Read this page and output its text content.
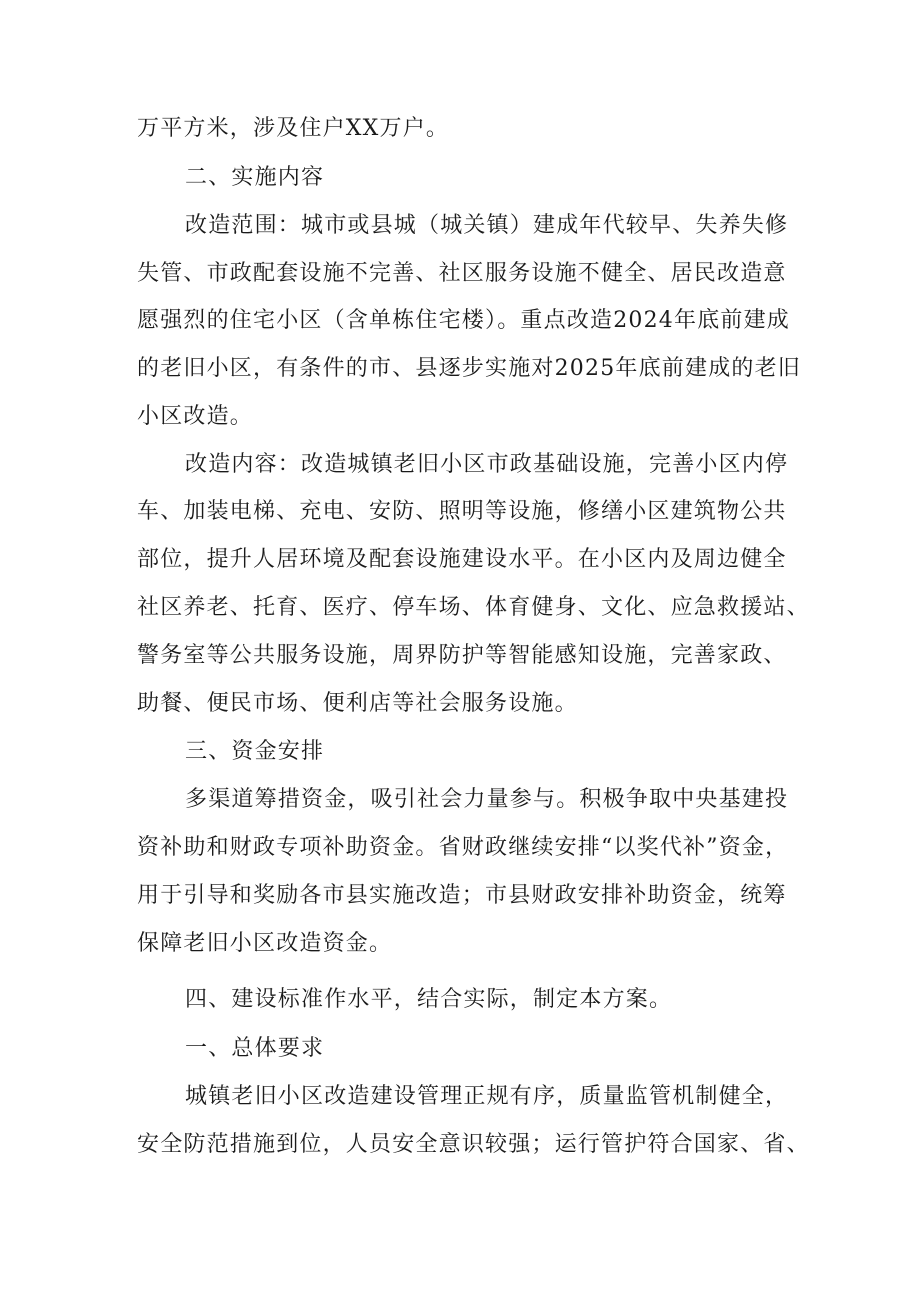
万平方米，涉及住户XX万户。
二、实施内容
改造范围：城市或县城（城关镇）建成年代较早、失养失修
失管、市政配套设施不完善、社区服务设施不健全、居民改造意
愿强烈的住宅小区（含单栋住宅楼）。重点改造2024年底前建成
的老旧小区，有条件的市、县逐步实施对2025年底前建成的老旧
小区改造。
改造内容：改造城镇老旧小区市政基础设施，完善小区内停
车、加装电梯、充电、安防、照明等设施，修缮小区建筑物公共
部位，提升人居环境及配套设施建设水平。在小区内及周边健全
社区养老、托育、医疗、停车场、体育健身、文化、应急救援站、
警务室等公共服务设施，周界防护等智能感知设施，完善家政、
助餐、便民市场、便利店等社会服务设施。
三、资金安排
多渠道筹措资金，吸引社会力量参与。积极争取中央基建投
资补助和财政专项补助资金。省财政继续安排“以奖代补”资金，
用于引导和奖励各市县实施改造；市县财政安排补助资金，统筹
保障老旧小区改造资金。
四、建设标准作水平，结合实际，制定本方案。
一、总体要求
城镇老旧小区改造建设管理正规有序，质量监管机制健全，
安全防范措施到位，人员安全意识较强；运行管护符合国家、省、
